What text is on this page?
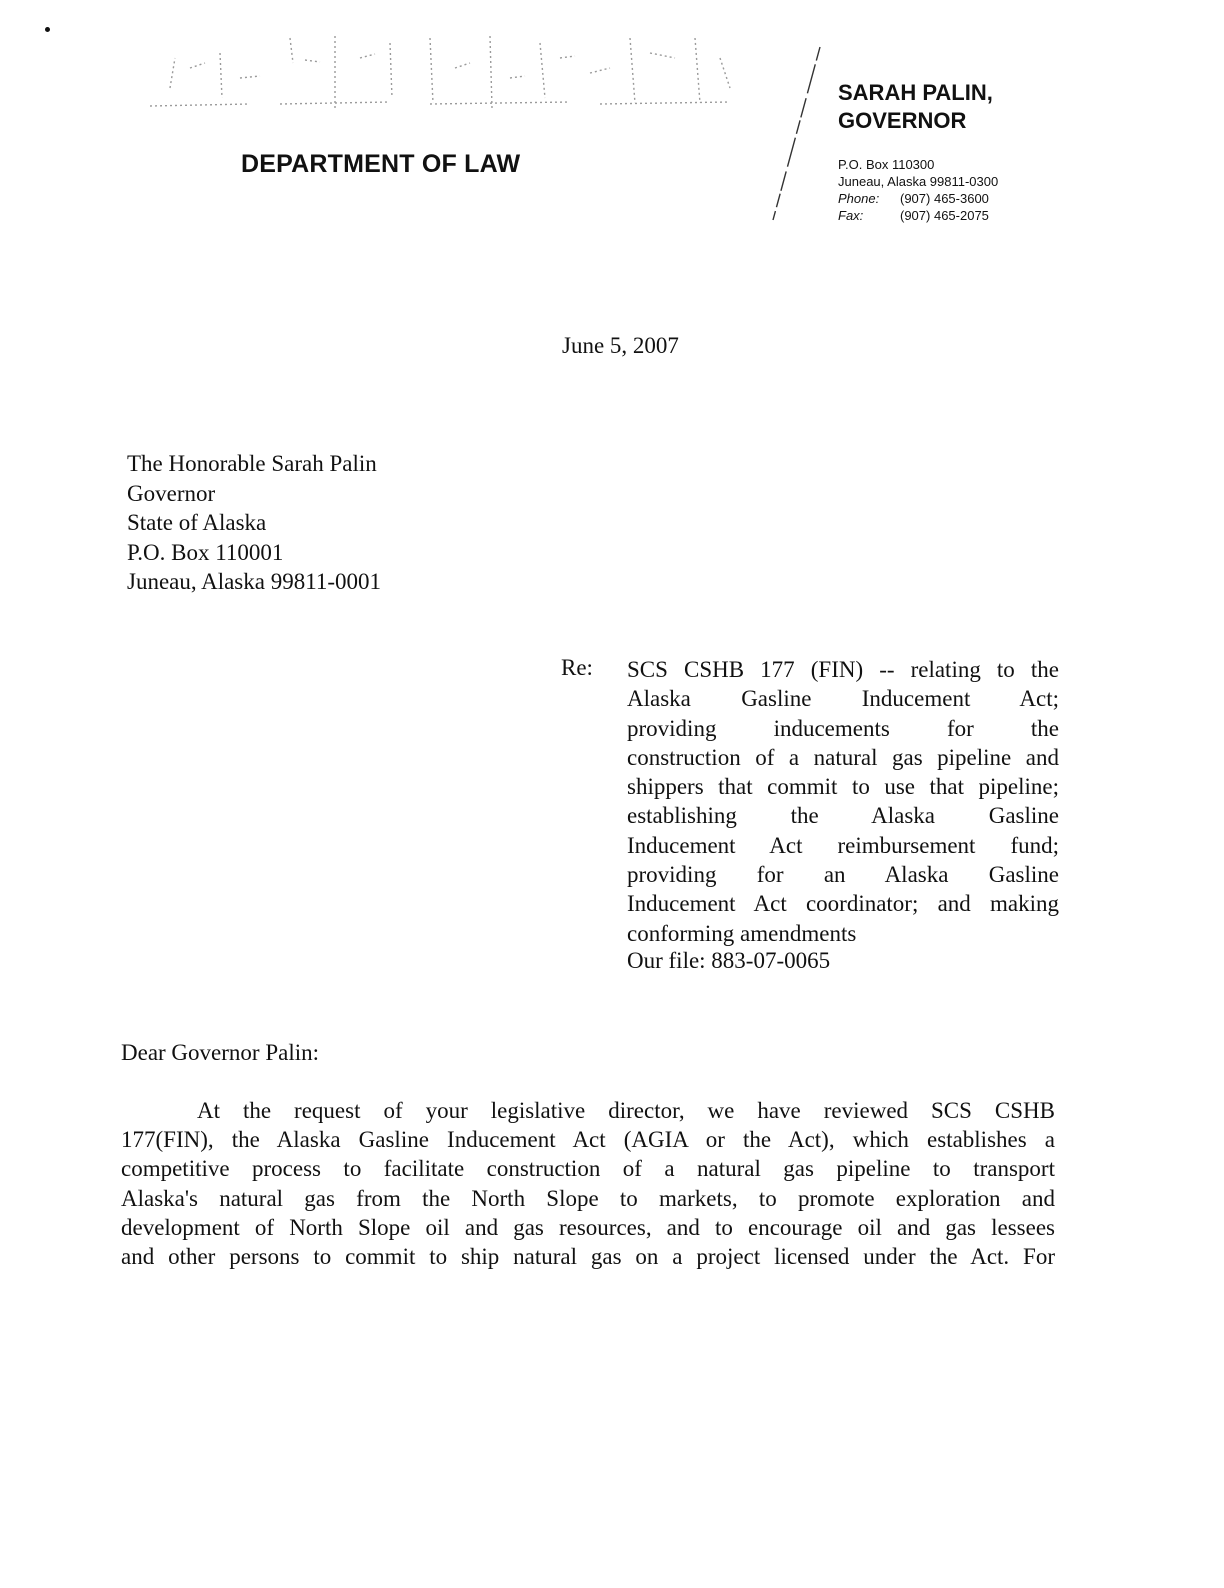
DEPARTMENT OF LAW
SARAH PALIN,
GOVERNOR
P.O. Box 110300
Juneau, Alaska 99811-0300
Phone: (907) 465-3600
Fax:	(907) 465-2075
June 5, 2007
The Honorable Sarah Palin
Governor
State of Alaska
P.O. Box 110001
Juneau, Alaska 99811-0001
Re: SCS CSHB 177 (FIN) -- relating to the
Alaska Gasline Inducement Act;
providing inducements for the
construction of a natural gas pipeline and
shippers that commit to use that pipeline;
establishing the Alaska Gasline
Inducement Act reimbursement fund;
providing for an Alaska Gasline
Inducement Act coordinator; and making
conforming amendments
Our file: 883-07-0065
Dear Governor Palin:
At the request of your legislative director, we have reviewed SCS CSHB
177(FIN), the Alaska Gasline Inducement Act (AGIA or the Act), which establishes a
competitive process to facilitate construction of a natural gas pipeline to transport
Alaska's natural gas from the North Slope to markets, to promote exploration and
development of North Slope oil and gas resources, and to encourage oil and gas lessees
and other persons to commit to ship natural gas on a project licensed under the Act. For
